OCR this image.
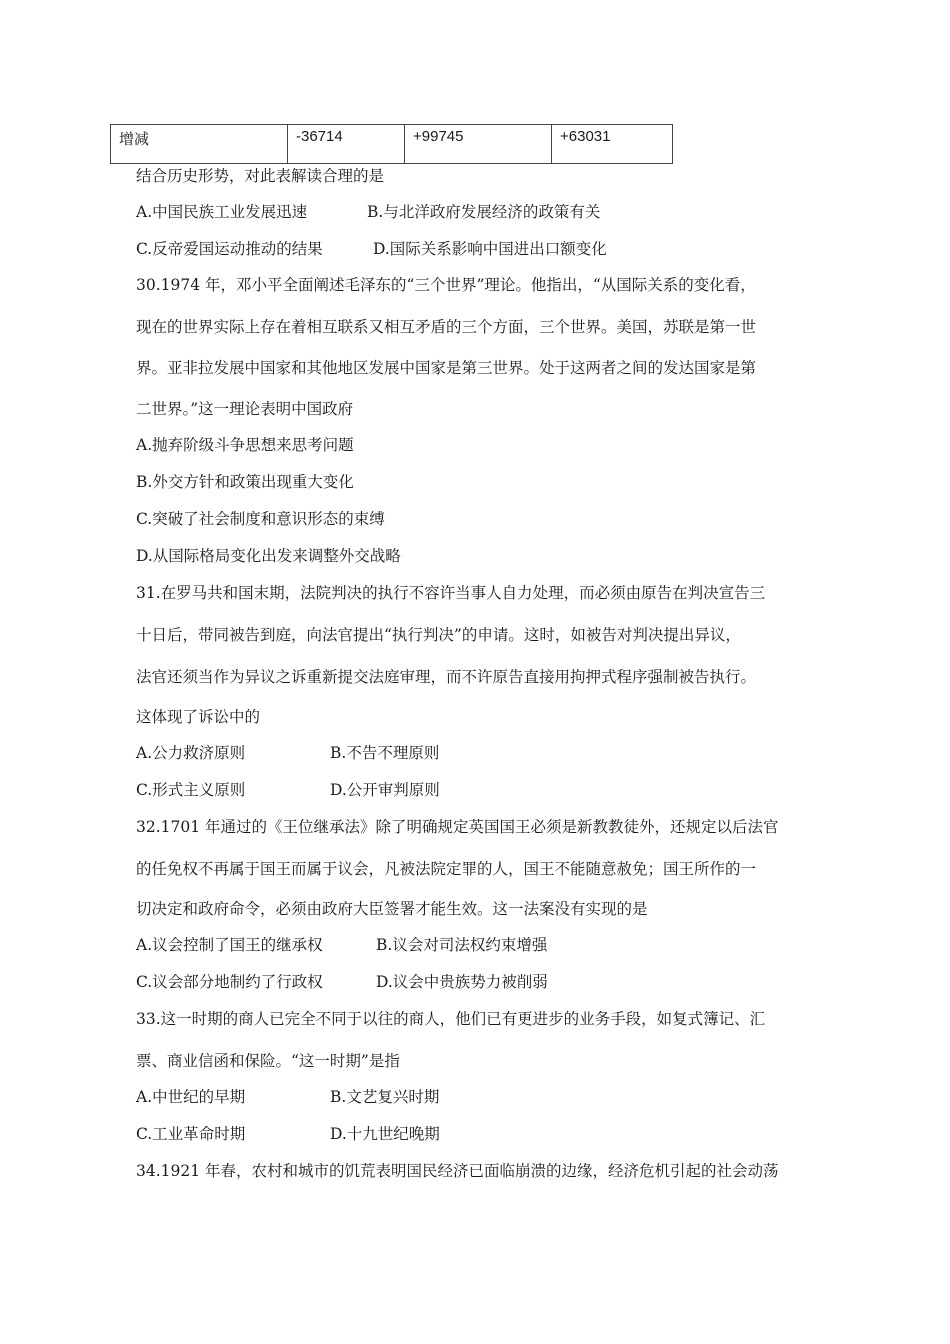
增减	-36714	+99745	+63031
结合历史形势，对此表解读合理的是
A.中国民族工业发展迅速	B.与北洋政府发展经济的政策有关
C.反帝爱国运动推动的结果	D.国际关系影响中国进出口额变化
30.1974 年，邓小平全面阐述毛泽东的“三个世界”理论。他指出，“从国际关系的变化看，
现在的世界实际上存在着相互联系又相互矛盾的三个方面，三个世界。美国，苏联是第一世
界。亚非拉发展中国家和其他地区发展中国家是第三世界。处于这两者之间的发达国家是第
二世界。”这一理论表明中国政府
A.抛弃阶级斗争思想来思考问题
B.外交方针和政策出现重大变化
C.突破了社会制度和意识形态的束缚
D.从国际格局变化出发来调整外交战略
31.在罗马共和国末期，法院判决的执行不容许当事人自力处理，而必须由原告在判决宣告三
十日后，带同被告到庭，向法官提出“执行判决”的申请。这时，如被告对判决提出异议，
法官还须当作为异议之诉重新提交法庭审理，而不许原告直接用拘押式程序强制被告执行。
这体现了诉讼中的
A.公力救济原则	B.不告不理原则
C.形式主义原则	D.公开审判原则
32.1701 年通过的《王位继承法》除了明确规定英国国王必须是新教教徒外，还规定以后法官
的任免权不再属于国王而属于议会，凡被法院定罪的人，国王不能随意赦免；国王所作的一
切决定和政府命令，必须由政府大臣签署才能生效。这一法案没有实现的是
A.议会控制了国王的继承权	B.议会对司法权约束增强
C.议会部分地制约了行政权	D.议会中贵族势力被削弱
33.这一时期的商人已完全不同于以往的商人，他们已有更进步的业务手段，如复式簿记、汇
票、商业信函和保险。“这一时期”是指
A.中世纪的早期	B.文艺复兴时期
C.工业革命时期	D.十九世纪晚期
34.1921 年春，农村和城市的饥荒表明国民经济已面临崩溃的边缘，经济危机引起的社会动荡
